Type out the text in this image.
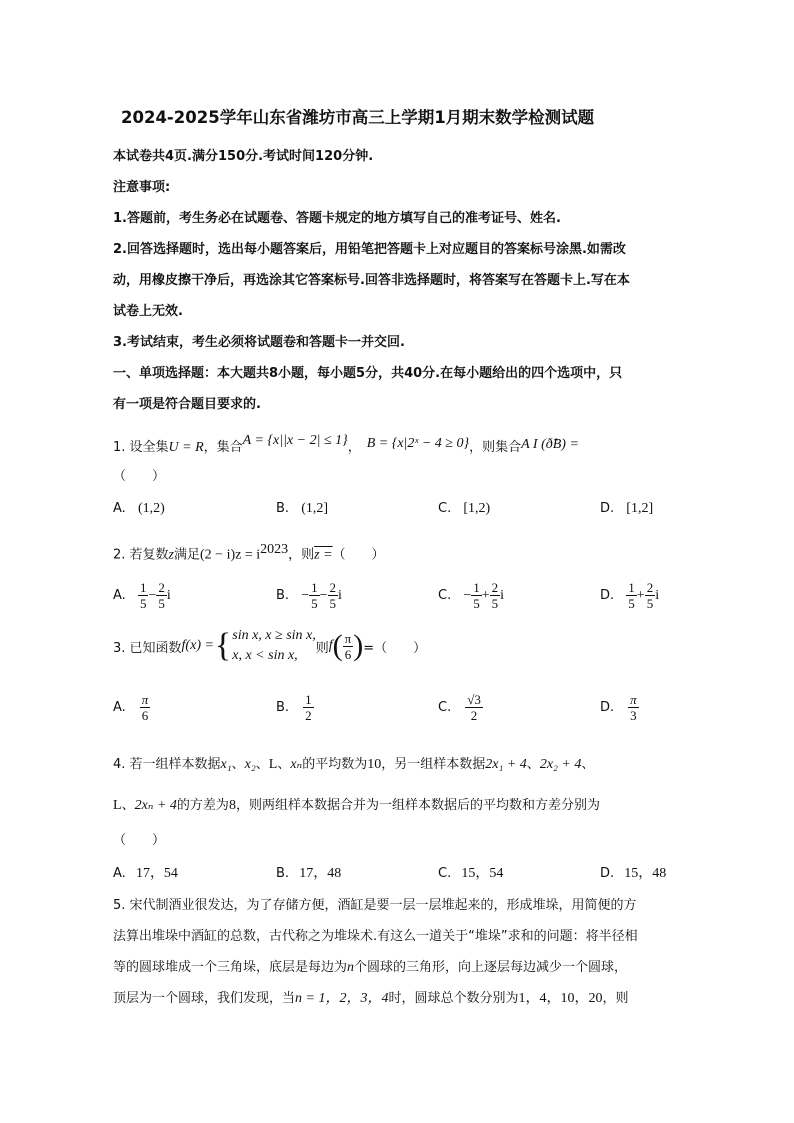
2024-2025学年山东省潍坊市高三上学期1月期末数学检测试题
本试卷共4页.满分150分.考试时间120分钟.
注意事项:
1.答题前，考生务必在试题卷、答题卡规定的地方填写自己的准考证号、姓名.
2.回答选择题时，选出每小题答案后，用铅笔把答题卡上对应题目的答案标号涂黑.如需改
动，用橡皮擦干净后，再选涂其它答案标号.回答非选择题时，将答案写在答题卡上.写在本
试卷上无效.
3.考试结束，考生必须将试题卷和答题卡一并交回.
一、单项选择题：本大题共8小题，每小题5分，共40分.在每小题给出的四个选项中，只
有一项是符合题目要求的.
1. 设全集U = R，集合A = {x||x − 2| ≤ 1}， B = {x|2ˣ − 4 ≥ 0}，则集合A I (ð̂B) =
（　　）
A. (1,2)	B. (1,2]	C. [1,2)	D. [1,2]
2. 若复数z满足$(2 - i)z = i^{2023}$，则z =（　　）
A. $\frac{1}{5} - \frac{2}{5}$ i	B. − $\frac{1}{5} - \frac{2}{5}$ i	C. − $\frac{1}{5} + \frac{2}{5}$ i	D. $\frac{1}{5} + \frac{2}{5}$ i
3. 已知函数 f(x) = { sin x, x ≥ sin x,
x, x < sin x,	则 f ( $\frac{\pi}{6}$ ) =（　　）
A. $\frac{\pi}{6}$	B. $\frac{1}{2}$	C. $\frac{√3}{2}$	D. $\frac{\pi}{3}$
4. 若一组样本数据x₁、x₂、L、xₙ的平均数为10，另一组样本数据2x₁ + 4、2x₂ + 4、
L、2xₙ + 4的方差为8，则两组样本数据合并为一组样本数据后的平均数和方差分别为
（　　）
A. 17，54	B. 17，48	C. 15，54	D. 15，48
5. 宋代制酒业很发达，为了存储方便，酒缸是要一层一层堆起来的，形成堆垛，用简便的方
法算出堆垛中酒缸的总数，古代称之为堆垛术.有这么一道关于“堆垛”求和的问题：将半径相
等的圆球堆成一个三角垛，底层是每边为n个圆球的三角形，向上逐层每边减少一个圆球，
顶层为一个圆球，我们发现，当n = 1，2，3，4时，圆球总个数分别为1，4，10，20，则
